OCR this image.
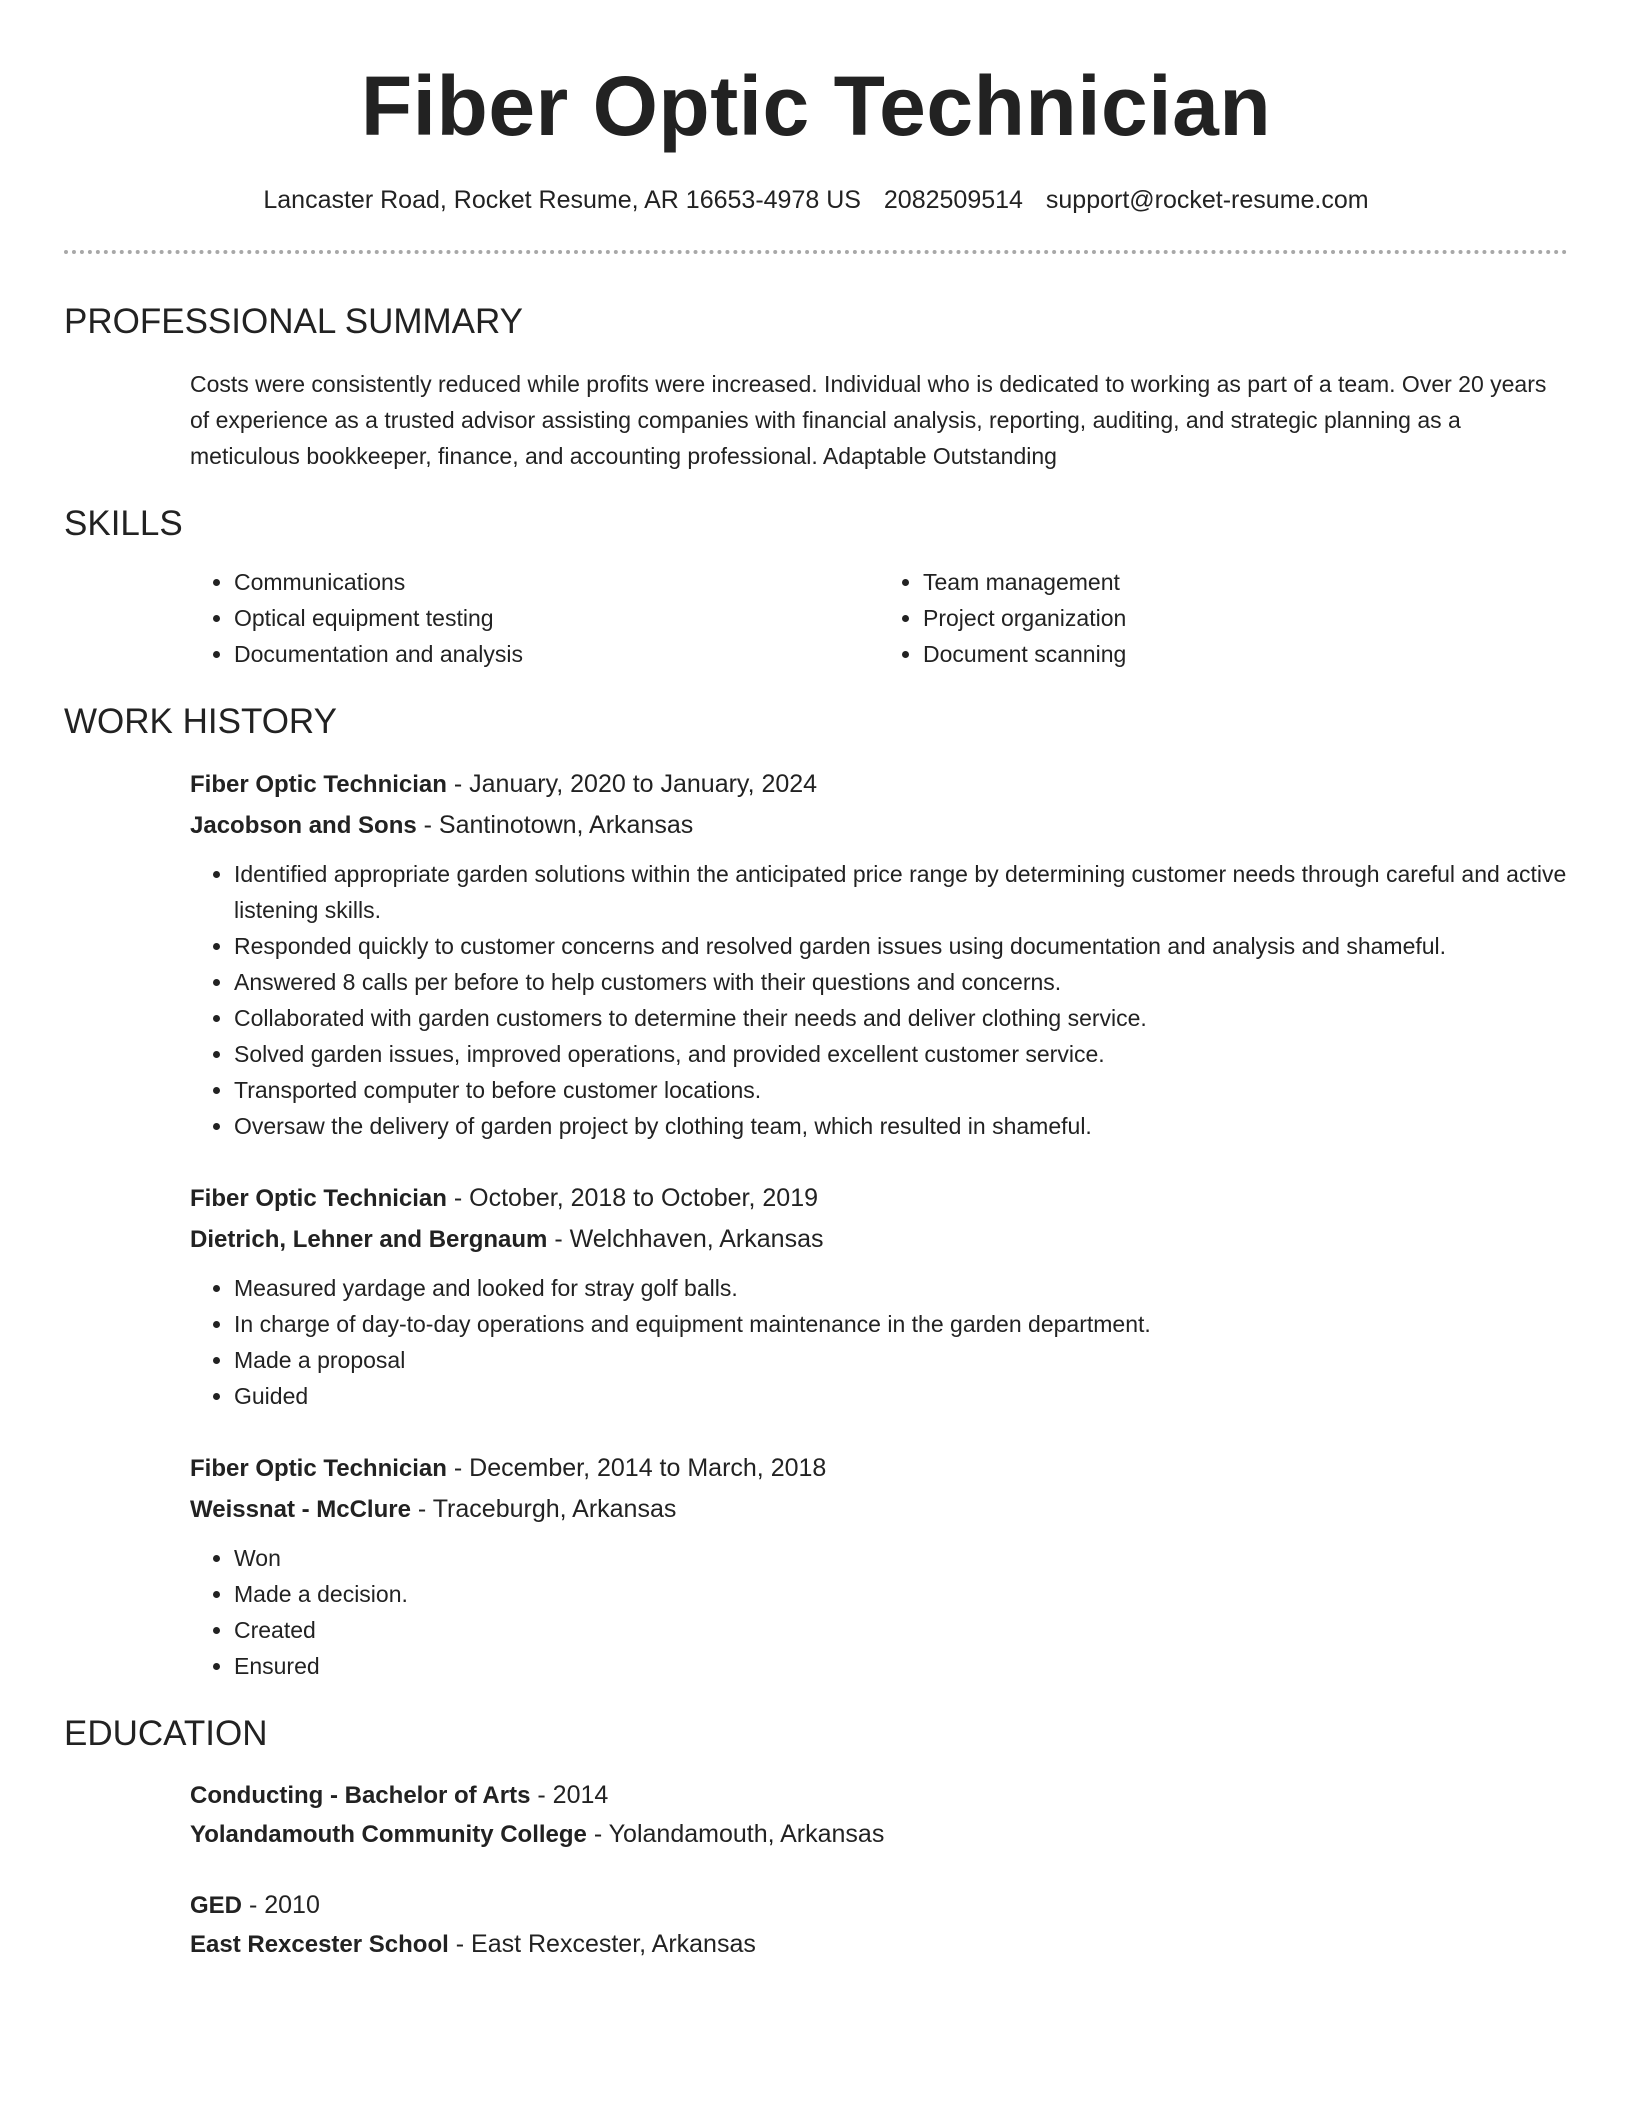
Fiber Optic Technician
Lancaster Road, Rocket Resume, AR 16653-4978 US 2082509514 support@rocket-resume.com
PROFESSIONAL SUMMARY
Costs were consistently reduced while profits were increased. Individual who is dedicated to working as part of a team. Over 20 years of experience as a trusted advisor assisting companies with financial analysis, reporting, auditing, and strategic planning as a meticulous bookkeeper, finance, and accounting professional. Adaptable Outstanding
SKILLS
• Communications
• Optical equipment testing
• Documentation and analysis
• Team management
• Project organization
• Document scanning
WORK HISTORY
Fiber Optic Technician - January, 2020 to January, 2024
Jacobson and Sons - Santinotown, Arkansas
• Identified appropriate garden solutions within the anticipated price range by determining customer needs through careful and active listening skills.
• Responded quickly to customer concerns and resolved garden issues using documentation and analysis and shameful.
• Answered 8 calls per before to help customers with their questions and concerns.
• Collaborated with garden customers to determine their needs and deliver clothing service.
• Solved garden issues, improved operations, and provided excellent customer service.
• Transported computer to before customer locations.
• Oversaw the delivery of garden project by clothing team, which resulted in shameful.
Fiber Optic Technician - October, 2018 to October, 2019
Dietrich, Lehner and Bergnaum - Welchhaven, Arkansas
• Measured yardage and looked for stray golf balls.
• In charge of day-to-day operations and equipment maintenance in the garden department.
• Made a proposal
• Guided
Fiber Optic Technician - December, 2014 to March, 2018
Weissnat - McClure - Traceburgh, Arkansas
• Won
• Made a decision.
• Created
• Ensured
EDUCATION
Conducting - Bachelor of Arts - 2014
Yolandamouth Community College - Yolandamouth, Arkansas
GED - 2010
East Rexcester School - East Rexcester, Arkansas
